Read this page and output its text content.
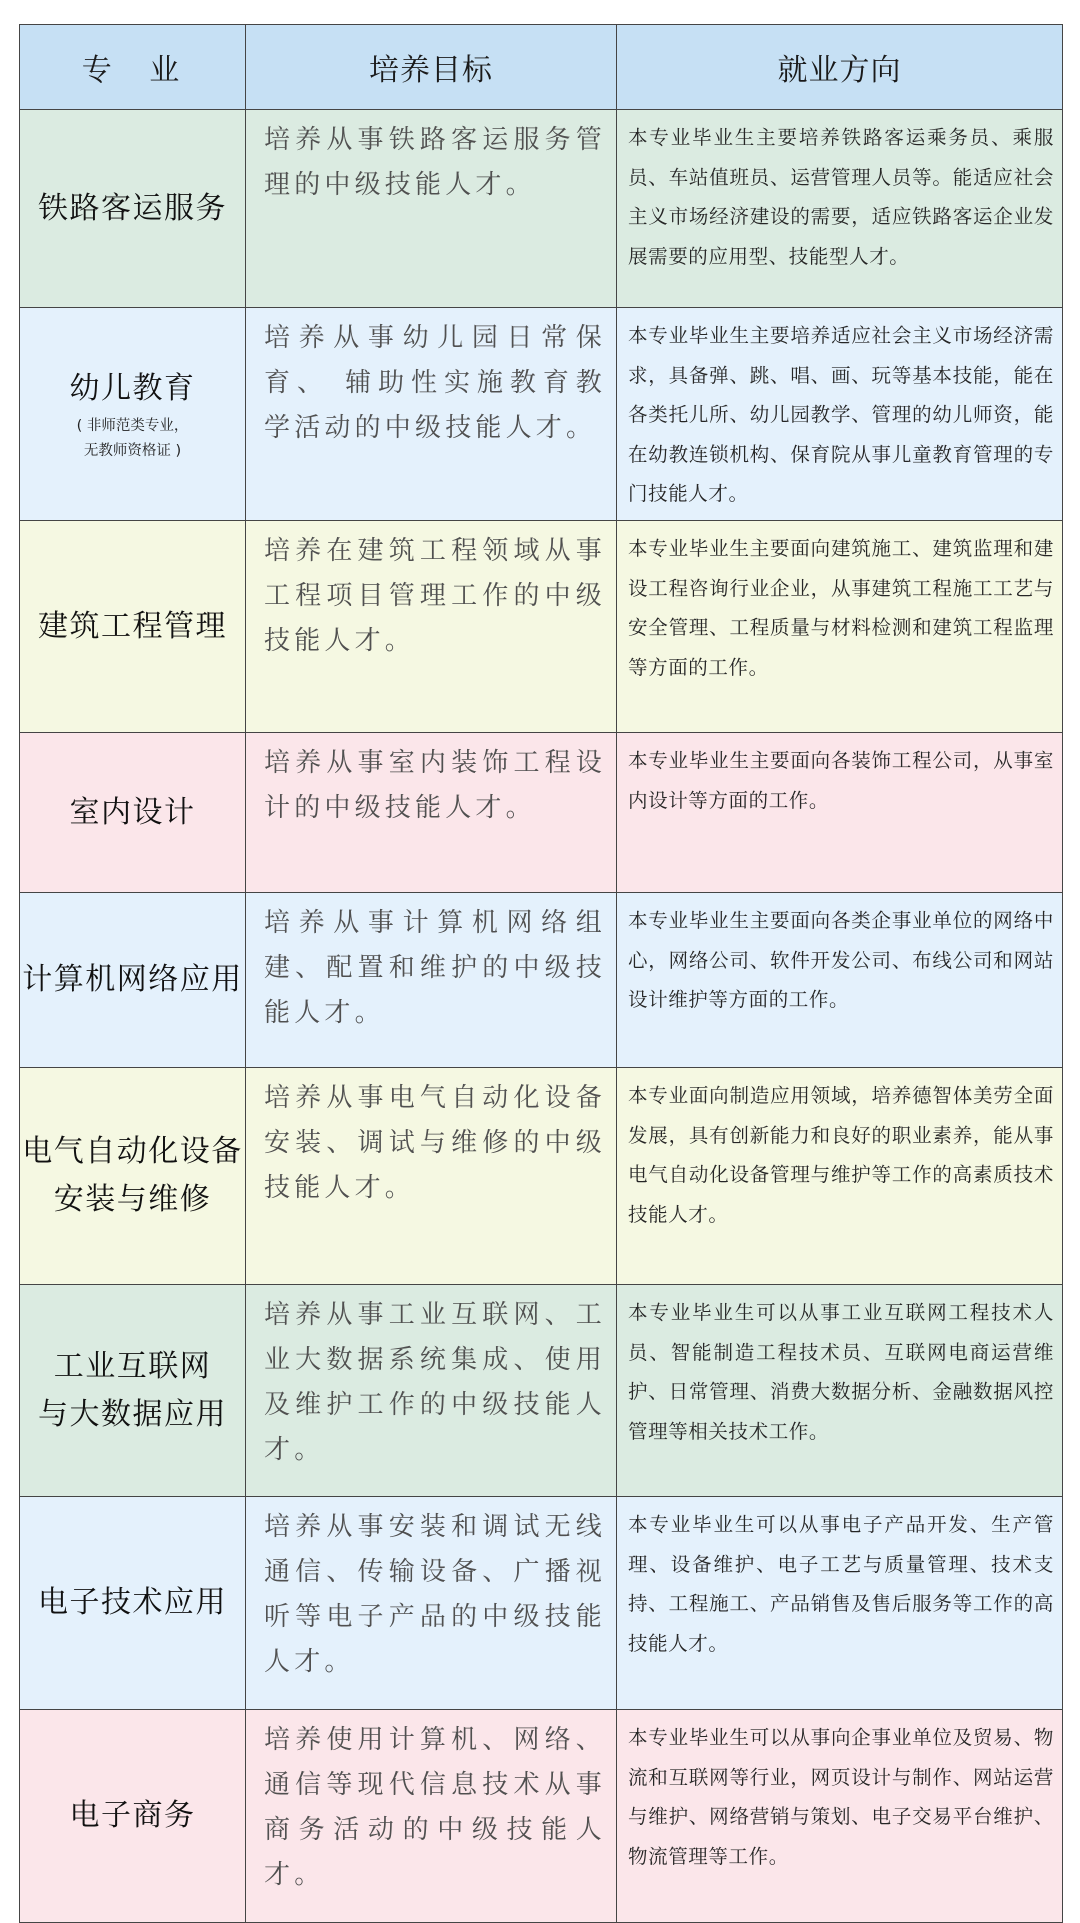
专 业	培养目标	就业方向

铁路客运服务	培养从事铁路客运服务管理的中级技能人才。	本专业毕业生主要培养铁路客运乘务员、乘服员、车站值班员、运营管理人员等。能适应社会主义市场经济建设的需要，适应铁路客运企业发展需要的应用型、技能型人才。

幼儿教育
( 非师范类专业，
无教师资格证 )	培养从事幼儿园日常保育、 辅助性实施教育教学活动的中级技能人才。	本专业毕业生主要培养适应社会主义市场经济需求，具备弹、跳、唱、画、玩等基本技能，能在各类托儿所、幼儿园教学、管理的幼儿师资，能在幼教连锁机构、保育院从事儿童教育管理的专门技能人才。

建筑工程管理	培养在建筑工程领域从事工程项目管理工作的中级技能人才。	本专业毕业生主要面向建筑施工、建筑监理和建设工程咨询行业企业，从事建筑工程施工工艺与安全管理、工程质量与材料检测和建筑工程监理等方面的工作。

室内设计	培养从事室内装饰工程设计的中级技能人才。	本专业毕业生主要面向各装饰工程公司，从事室内设计等方面的工作。

计算机网络应用	培养从事计算机网络组建、配置和维护的中级技能人才。	本专业毕业生主要面向各类企事业单位的网络中心，网络公司、软件开发公司、布线公司和网站设计维护等方面的工作。

电气自动化设备
安装与维修	培养从事电气自动化设备安装、调试与维修的中级技能人才。	本专业面向制造应用领域，培养德智体美劳全面发展，具有创新能力和良好的职业素养，能从事电气自动化设备管理与维护等工作的高素质技术技能人才。

工业互联网
与大数据应用	培养从事工业互联网、工业大数据系统集成、使用及维护工作的中级技能人才。	本专业毕业生可以从事工业互联网工程技术人员、智能制造工程技术员、互联网电商运营维护、日常管理、消费大数据分析、金融数据风控管理等相关技术工作。

电子技术应用	培养从事安装和调试无线通信、传输设备、广播视听等电子产品的中级技能人才。	本专业毕业生可以从事电子产品开发、生产管理、设备维护、电子工艺与质量管理、技术支持、工程施工、产品销售及售后服务等工作的高技能人才。

电子商务	培养使用计算机、网络、通信等现代信息技术从事商务活动的中级技能人才。	本专业毕业生可以从事向企事业单位及贸易、物流和互联网等行业，网页设计与制作、网站运营与维护、网络营销与策划、电子交易平台维护、物流管理等工作。
